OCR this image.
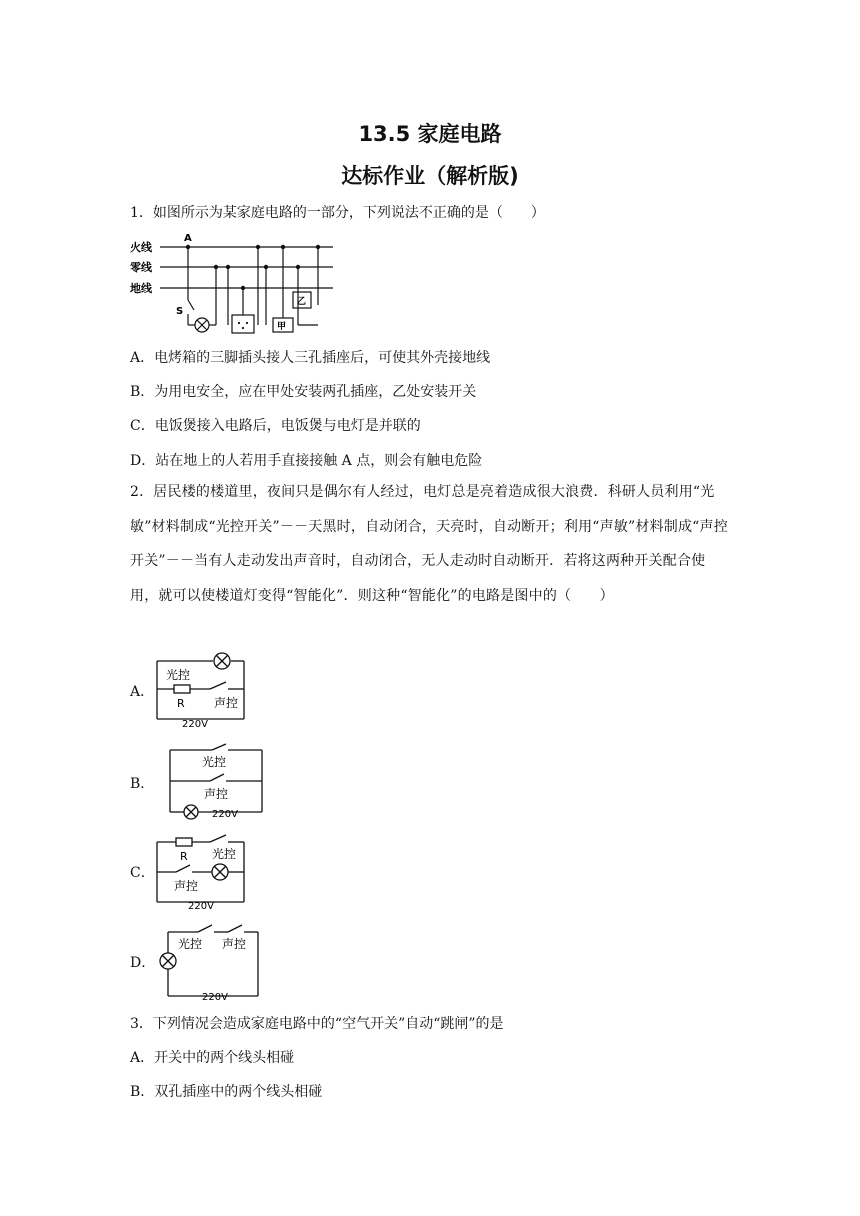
13.5 家庭电路
达标作业（解析版)
1．如图所示为某家庭电路的一部分，下列说法不正确的是（　　）
火线
零线
地线
A
S
甲
乙
A．电烤箱的三脚插头接人三孔插座后，可使其外壳接地线
B．为用电安全，应在甲处安装两孔插座，乙处安装开关
C．电饭煲接入电路后，电饭煲与电灯是并联的
D．站在地上的人若用手直接接触 A 点，则会有触电危险
2．居民楼的楼道里，夜间只是偶尔有人经过，电灯总是亮着造成很大浪费．科研人员利用“光敏”材料制成“光控开关”－－天黑时，自动闭合，天亮时，自动断开；利用“声敏”材料制成“声控开关”－－当有人走动发出声音时，自动闭合，无人走动时自动断开．若将这两种开关配合使用，就可以使楼道灯变得“智能化”．则这种“智能化”的电路是图中的（　　）
A．
光控
R 声控
220V
B．
光控
声控
220V
C．
R 光控
声控
220V
D．
光控 声控
220V
3．下列情况会造成家庭电路中的“空气开关”自动“跳闸”的是
A．开关中的两个线头相碰
B．双孔插座中的两个线头相碰
